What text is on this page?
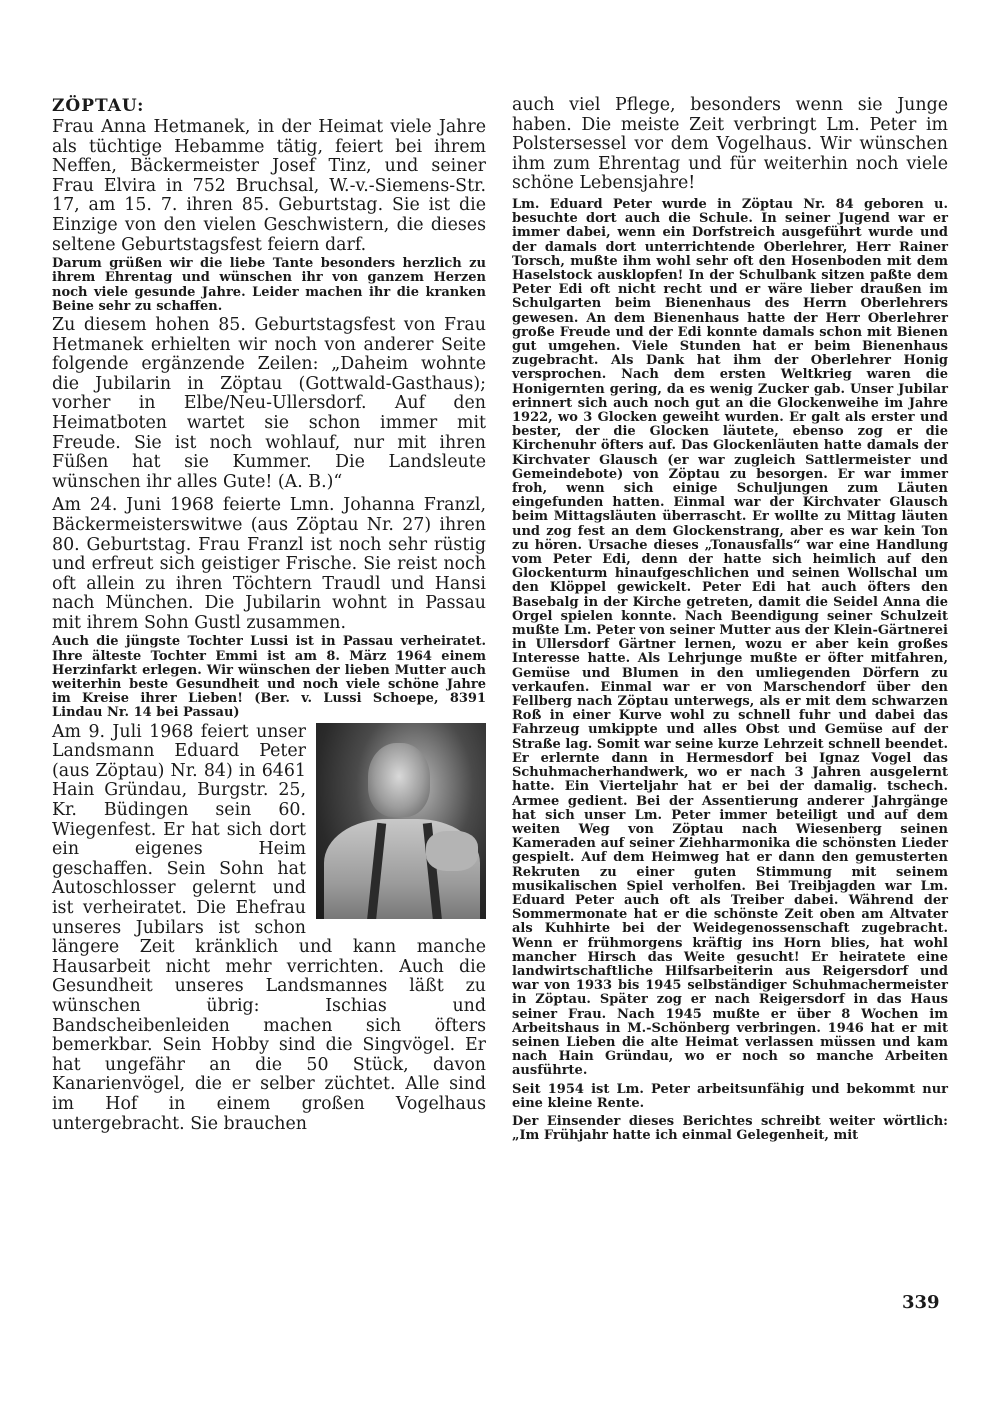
ZÖPTAU:

Frau Anna Hetmanek, in der Heimat viele Jahre als tüchtige Hebamme tätig, feiert bei ihrem Neffen, Bäckermeister Josef Tinz, und seiner Frau Elvira in 752 Bruchsal, W.-v.-Siemens-Str. 17, am 15. 7. ihren 85. Geburtstag. Sie ist die Einzige von den vielen Geschwistern, die dieses seltene Geburtstagsfest feiern darf.

Darum grüßen wir die liebe Tante besonders herzlich zu ihrem Ehrentag und wünschen ihr von ganzem Herzen noch viele gesunde Jahre. Leider machen ihr die kranken Beine sehr zu schaffen.

Zu diesem hohen 85. Geburtstagsfest von Frau Hetmanek erhielten wir noch von anderer Seite folgende ergänzende Zeilen: „Daheim wohnte die Jubilarin in Zöptau (Gottwald-Gasthaus); vorher in Elbe/Neu-Ullersdorf. Auf den Heimatboten wartet sie schon immer mit Freude. Sie ist noch wohlauf, nur mit ihren Füßen hat sie Kummer. Die Landsleute wünschen ihr alles Gute! (A. B.)“

Am 24. Juni 1968 feierte Lmn. Johanna Franzl, Bäckermeisterswitwe (aus Zöptau Nr. 27) ihren 80. Geburtstag. Frau Franzl ist noch sehr rüstig und erfreut sich geistiger Frische. Sie reist noch oft allein zu ihren Töchtern Traudl und Hansi nach München. Die Jubilarin wohnt in Passau mit ihrem Sohn Gustl zusammen.

Auch die jüngste Tochter Lussi ist in Passau verheiratet. Ihre älteste Tochter Emmi ist am 8. März 1964 einem Herzinfarkt erlegen. Wir wünschen der lieben Mutter auch weiterhin beste Gesundheit und noch viele schöne Jahre im Kreise ihrer Lieben! (Ber. v. Lussi Schoepe, 8391 Lindau Nr. 14 bei Passau)

Am 9. Juli 1968 feiert unser Landsmann Eduard Peter (aus Zöptau) Nr. 84) in 6461 Hain Gründau, Burgstr. 25, Kr. Büdingen sein 60. Wiegenfest. Er hat sich dort ein eigenes Heim geschaffen. Sein Sohn hat Autoschlosser gelernt und ist verheiratet. Die Ehefrau unseres Jubilars ist schon längere Zeit kränklich und kann manche Hausarbeit nicht mehr verrichten. Auch die Gesundheit unseres Landsmannes läßt zu wünschen übrig: Ischias und Bandscheibenleiden machen sich öfters bemerkbar. Sein Hobby sind die Singvögel. Er hat ungefähr an die 50 Stück, davon Kanarienvögel, die er selber züchtet. Alle sind im Hof in einem großen Vogelhaus untergebracht. Sie brauchen

auch viel Pflege, besonders wenn sie Junge haben. Die meiste Zeit verbringt Lm. Peter im Polstersessel vor dem Vogelhaus. Wir wünschen ihm zum Ehrentag und für weiterhin noch viele schöne Lebensjahre!

Lm. Eduard Peter wurde in Zöptau Nr. 84 geboren u. besuchte dort auch die Schule. In seiner Jugend war er immer dabei, wenn ein Dorfstreich ausgeführt wurde und der damals dort unterrichtende Oberlehrer, Herr Rainer Torsch, mußte ihm wohl sehr oft den Hosenboden mit dem Haselstock ausklopfen! In der Schulbank sitzen paßte dem Peter Edi oft nicht recht und er wäre lieber draußen im Schulgarten beim Bienenhaus des Herrn Oberlehrers gewesen. An dem Bienenhaus hatte der Herr Oberlehrer große Freude und der Edi konnte damals schon mit Bienen gut umgehen. Viele Stunden hat er beim Bienenhaus zugebracht. Als Dank hat ihm der Oberlehrer Honig versprochen. Nach dem ersten Weltkrieg waren die Honigernten gering, da es wenig Zucker gab. Unser Jubilar erinnert sich auch noch gut an die Glockenweihe im Jahre 1922, wo 3 Glocken geweiht wurden. Er galt als erster und bester, der die Glocken läutete, ebenso zog er die Kirchenuhr öfters auf. Das Glockenläuten hatte damals der Kirchvater Glausch (er war zugleich Sattlermeister und Gemeindebote) von Zöptau zu besorgen. Er war immer froh, wenn sich einige Schuljungen zum Läuten eingefunden hatten. Einmal war der Kirchvater Glausch beim Mittagsläuten überrascht. Er wollte zu Mittag läuten und zog fest an dem Glockenstrang, aber es war kein Ton zu hören. Ursache dieses „Tonausfalls“ war eine Handlung vom Peter Edi, denn der hatte sich heimlich auf den Glockenturm hinaufgeschlichen und seinen Wollschal um den Klöppel gewickelt. Peter Edi hat auch öfters den Basebalg in der Kirche getreten, damit die Seidel Anna die Orgel spielen konnte. Nach Beendigung seiner Schulzeit mußte Lm. Peter von seiner Mutter aus der Klein-Gärtnerei in Ullersdorf Gärtner lernen, wozu er aber kein großes Interesse hatte. Als Lehrjunge mußte er öfter mitfahren, Gemüse und Blumen in den umliegenden Dörfern zu verkaufen. Einmal war er von Marschendorf über den Fellberg nach Zöptau unterwegs, als er mit dem schwarzen Roß in einer Kurve wohl zu schnell fuhr und dabei das Fahrzeug umkippte und alles Obst und Gemüse auf der Straße lag. Somit war seine kurze Lehrzeit schnell beendet. Er erlernte dann in Hermesdorf bei Ignaz Vogel das Schuhmacherhandwerk, wo er nach 3 Jahren ausgelernt hatte. Ein Vierteljahr hat er bei der damalig. tschech. Armee gedient. Bei der Assentierung anderer Jahrgänge hat sich unser Lm. Peter immer beteiligt und auf dem weiten Weg von Zöptau nach Wiesenberg seinen Kameraden auf seiner Ziehharmonika die schönsten Lieder gespielt. Auf dem Heimweg hat er dann den gemusterten Rekruten zu einer guten Stimmung mit seinem musikalischen Spiel verholfen. Bei Treibjagden war Lm. Eduard Peter auch oft als Treiber dabei. Während der Sommermonate hat er die schönste Zeit oben am Altvater als Kuhhirte bei der Weidegenossenschaft zugebracht. Wenn er frühmorgens kräftig ins Horn blies, hat wohl mancher Hirsch das Weite gesucht! Er heiratete eine landwirtschaftliche Hilfsarbeiterin aus Reigersdorf und war von 1933 bis 1945 selbständiger Schuhmachermeister in Zöptau. Später zog er nach Reigersdorf in das Haus seiner Frau. Nach 1945 mußte er über 8 Wochen im Arbeitshaus in M.-Schönberg verbringen. 1946 hat er mit seinen Lieben die alte Heimat verlassen müssen und kam nach Hain Gründau, wo er noch so manche Arbeiten ausführte.

Seit 1954 ist Lm. Peter arbeitsunfähig und bekommt nur eine kleine Rente.

Der Einsender dieses Berichtes schreibt weiter wörtlich: „Im Frühjahr hatte ich einmal Gelegenheit, mit

339
